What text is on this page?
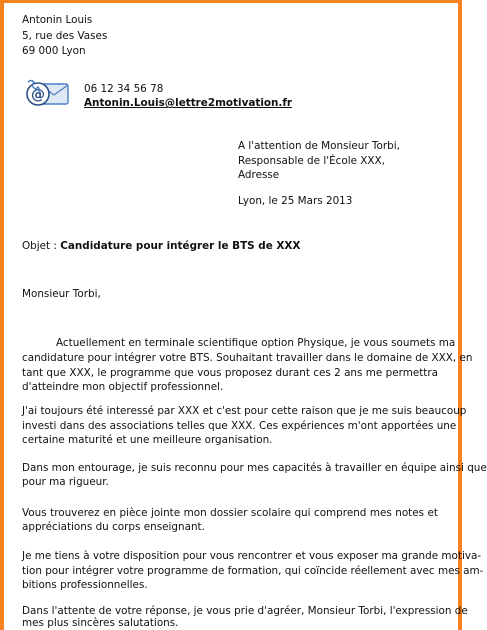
Antonin Louis
5, rue des Vases
69 000 Lyon
@	06 12 34 56 78
Antonin.Louis@lettre2motivation.fr
A l'attention de Monsieur Torbi,
Responsable de l'École XXX,
Adresse
Lyon, le 25 Mars 2013
Objet : Candidature pour intégrer le BTS de XXX
Monsieur Torbi,
Actuellement en terminale scientifique option Physique, je vous soumets ma
candidature pour intégrer votre BTS. Souhaitant travailler dans le domaine de XXX, en
tant que XXX, le programme que vous proposez durant ces 2 ans me permettra
d'atteindre mon objectif professionnel.
J'ai toujours été interessé par XXX et c'est pour cette raison que je me suis beaucoup
investi dans des associations telles que XXX. Ces expériences m'ont apportées une
certaine maturité et une meilleure organisation.
Dans mon entourage, je suis reconnu pour mes capacités à travailler en équipe ainsi que
pour ma rigueur.
Vous trouverez en pièce jointe mon dossier scolaire qui comprend mes notes et
appréciations du corps enseignant.
Je me tiens à votre disposition pour vous rencontrer et vous exposer ma grande motiva-
tion pour intégrer votre programme de formation, qui coïncide réellement avec mes am-
bitions professionnelles.
Dans l'attente de votre réponse, je vous prie d'agréer, Monsieur Torbi, l'expression de
mes plus sincères salutations.
